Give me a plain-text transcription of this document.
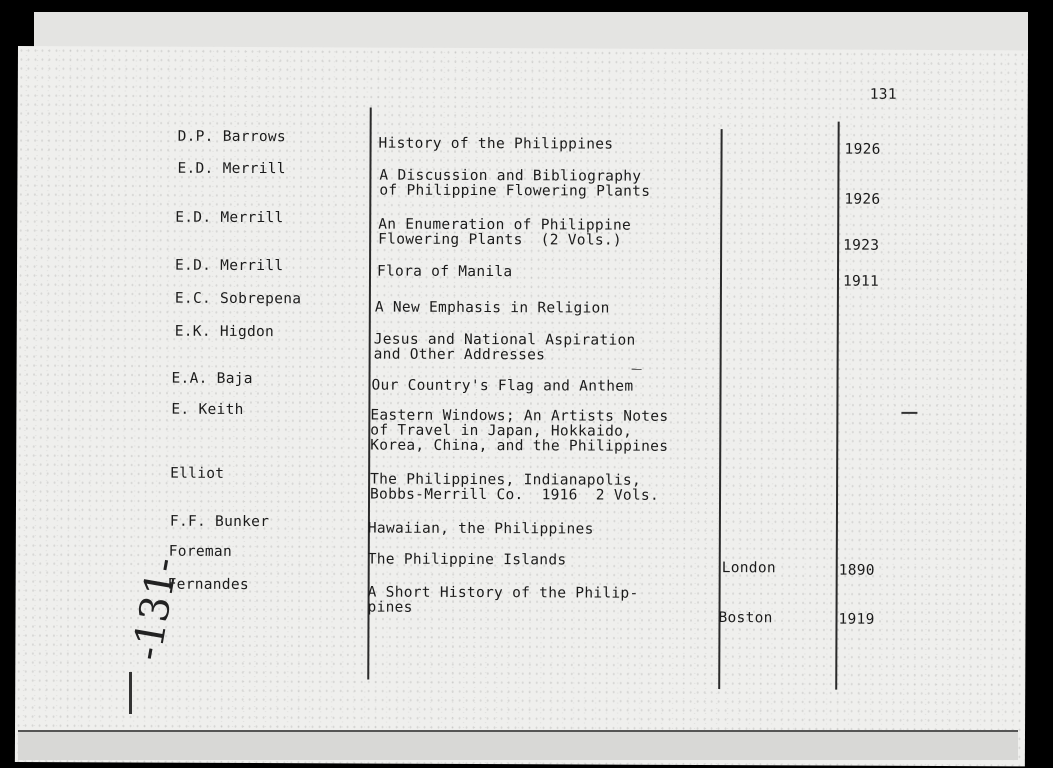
131
D.P. Barrows
E.D. Merrill
E.D. Merrill
E.D. Merrill
E.C. Sobrepena
E.K. Higdon
E.A. Baja
E. Keith
Elliot
F.F. Bunker
Foreman
Fernandes
History of the Philippines
A Discussion and Bibliography
of Philippine Flowering Plants
An Enumeration of Philippine
Flowering Plants  (2 Vols.)
Flora of Manila
A New Emphasis in Religion
Jesus and National Aspiration
and Other Addresses
Our Country's Flag and Anthem
Eastern Windows; An Artists Notes
of Travel in Japan, Hokkaido,
Korea, China, and the Philippines
The Philippines, Indianapolis,
Bobbs-Merrill Co.  1916  2 Vols.
Hawaiian, the Philippines
The Philippine Islands
A Short History of the Philip-
pines
London
Boston
1926
1926
1923
1911
1890
1919
-131-
